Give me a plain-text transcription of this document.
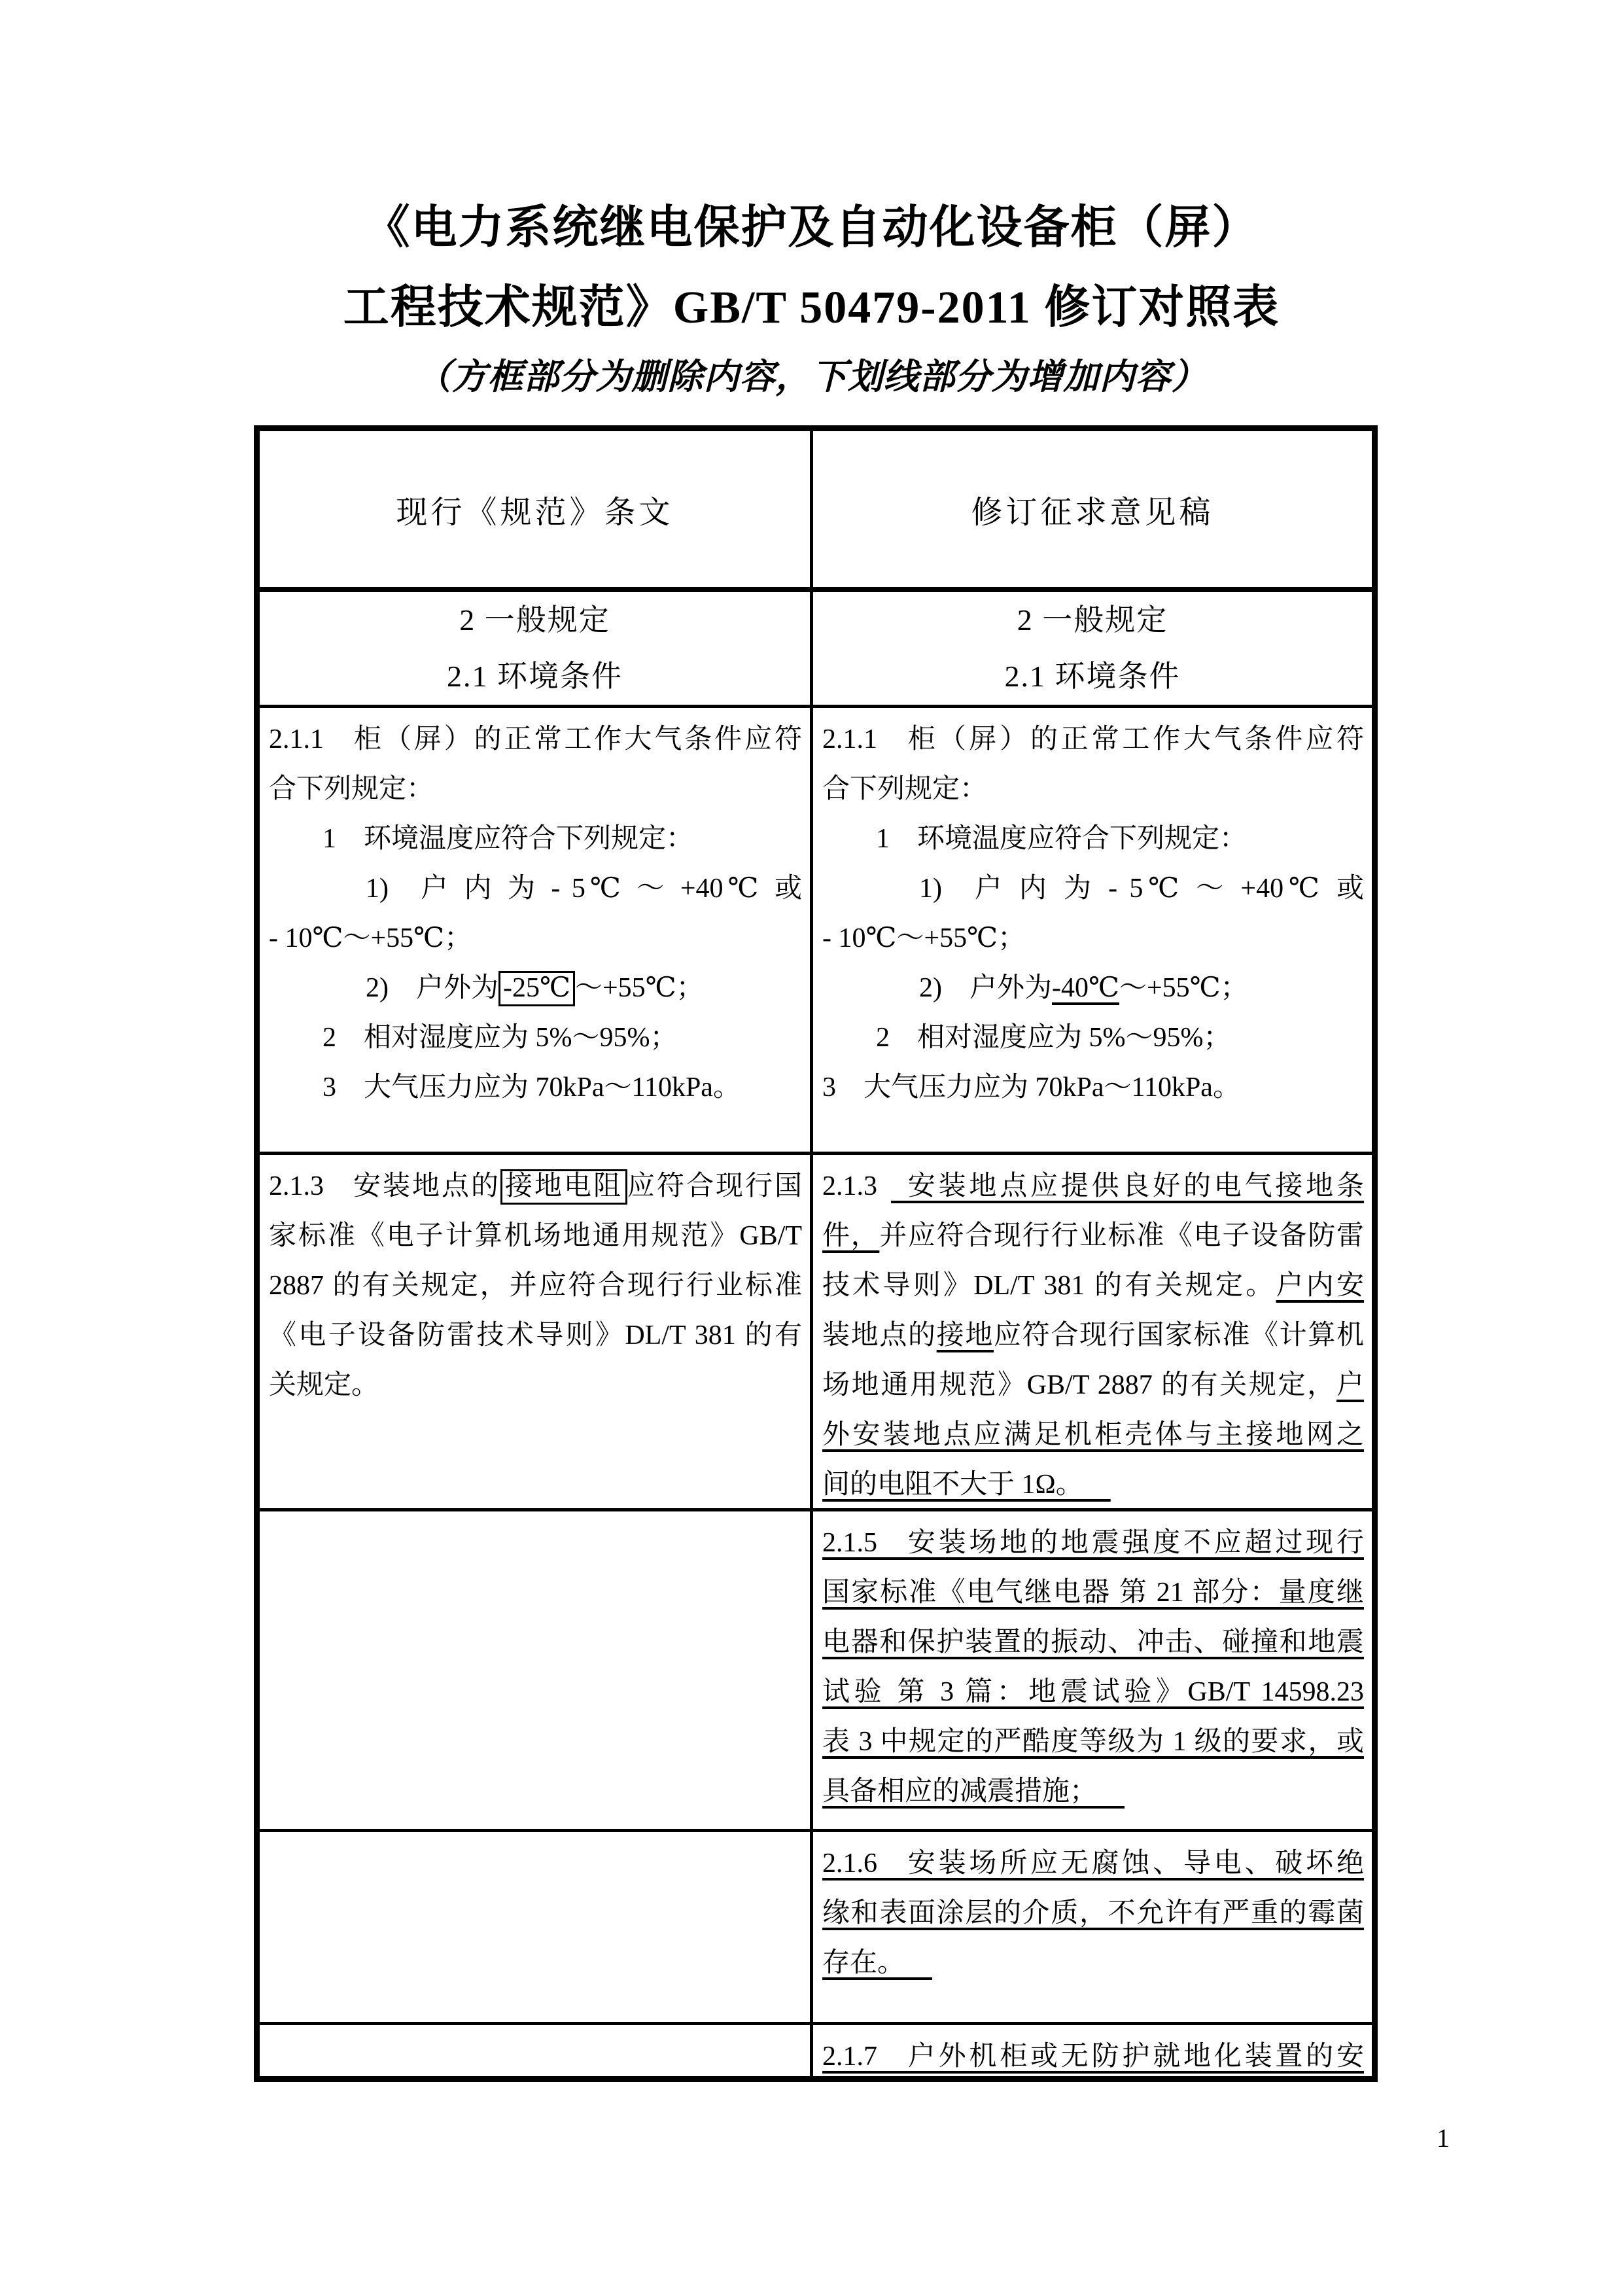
《电力系统继电保护及自动化设备柜（屏）
工程技术规范》GB/T 50479-2011 修订对照表
（方框部分为删除内容，下划线部分为增加内容）
现行《规范》条文	修订征求意见稿
2 一般规定
2.1 环境条件
2 一般规定
2.1 环境条件
2.1.1  柜（屏）的正常工作大气条件应符
合下列规定：
1  环境温度应符合下列规定：
1)  户 内 为 - 5℃ ～ +40℃ 或
- 10℃～+55℃；
2)  户外为 -25℃ ～+55℃；
2  相对湿度应为 5%～95%；
3  大气压力应为 70kPa～110kPa。
2.1.1  柜（屏）的正常工作大气条件应符
合下列规定：
1  环境温度应符合下列规定：
1)  户 内 为 - 5℃ ～ +40℃ 或
- 10℃～+55℃；
2)  户外为-40℃～+55℃；
2  相对湿度应为 5%～95%；
3  大气压力应为 70kPa～110kPa。
2.1.3  安装地点的 接地电阻 应符合现行国
家标准《电子计算机场地通用规范》GB/T
2887 的有关规定，并应符合现行行业标准
《电子设备防雷技术导则》DL/T 381 的有
关规定。
2.1.3  安装地点应提供良好的电气接地条
件，并应符合现行行业标准《电子设备防雷
技术导则》DL/T 381 的有关规定。户内安
装地点的接地应符合现行国家标准《计算机
场地通用规范》GB/T 2887 的有关规定，户
外安装地点应满足机柜壳体与主接地网之
间的电阻不大于 1Ω。  
2.1.5  安装场地的地震强度不应超过现行
国家标准《电气继电器 第 21 部分：量度继
电器和保护装置的振动、冲击、碰撞和地震
试验 第 3 篇：地震试验》GB/T 14598.23
表 3 中规定的严酷度等级为 1 级的要求，或
具备相应的减震措施；  
2.1.6  安装场所应无腐蚀、导电、破坏绝
缘和表面涂层的介质，不允许有严重的霉菌
存在。  
2.1.7  户外机柜或无防护就地化装置的安
1
